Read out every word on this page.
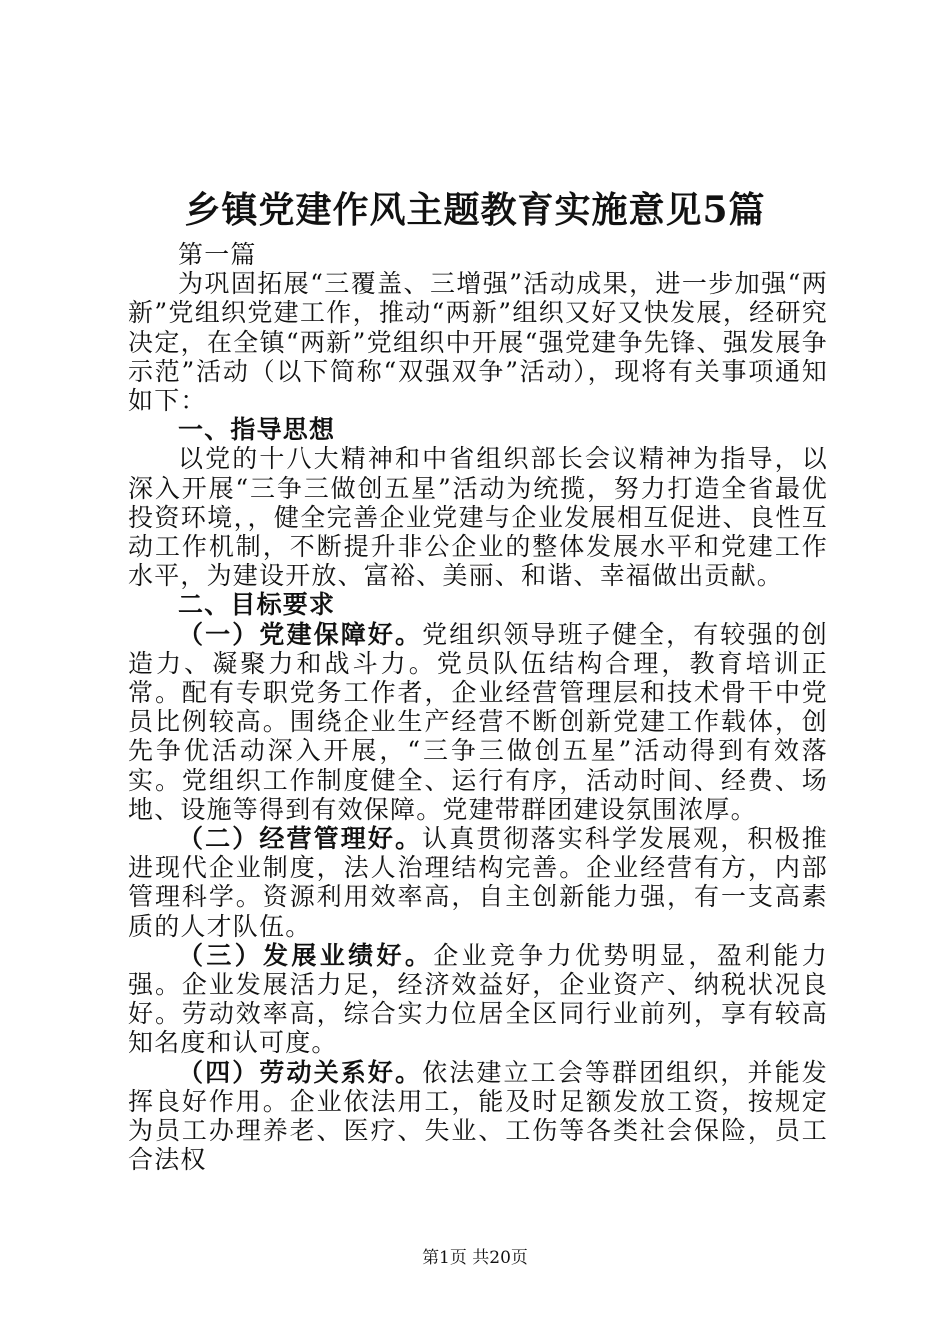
乡镇党建作风主题教育实施意见5篇

第一篇

为巩固拓展“三覆盖、三增强”活动成果，进一步加强“两新”党组织党建工作，推动“两新”组织又好又快发展，经研究决定，在全镇“两新”党组织中开展“强党建争先锋、强发展争示范”活动（以下简称“双强双争”活动），现将有关事项通知如下：

一、指导思想

以党的十八大精神和中省组织部长会议精神为指导，以深入开展“三争三做创五星”活动为统揽，努力打造全省最优投资环境，，健全完善企业党建与企业发展相互促进、良性互动工作机制，不断提升非公企业的整体发展水平和党建工作水平，为建设开放、富裕、美丽、和谐、幸福做出贡献。

二、目标要求

（一）党建保障好。党组织领导班子健全，有较强的创造力、凝聚力和战斗力。党员队伍结构合理，教育培训正常。配有专职党务工作者，企业经营管理层和技术骨干中党员比例较高。围绕企业生产经营不断创新党建工作载体，创先争优活动深入开展，“三争三做创五星”活动得到有效落实。党组织工作制度健全、运行有序，活动时间、经费、场地、设施等得到有效保障。党建带群团建设氛围浓厚。

（二）经营管理好。认真贯彻落实科学发展观，积极推进现代企业制度，法人治理结构完善。企业经营有方，内部管理科学。资源利用效率高，自主创新能力强，有一支高素质的人才队伍。

（三）发展业绩好。企业竞争力优势明显，盈利能力强。企业发展活力足，经济效益好，企业资产、纳税状况良好。劳动效率高，综合实力位居全区同行业前列，享有较高知名度和认可度。

（四）劳动关系好。依法建立工会等群团组织，并能发挥良好作用。企业依法用工，能及时足额发放工资，按规定为员工办理养老、医疗、失业、工伤等各类社会保险，员工合法权

第1页 共20页
